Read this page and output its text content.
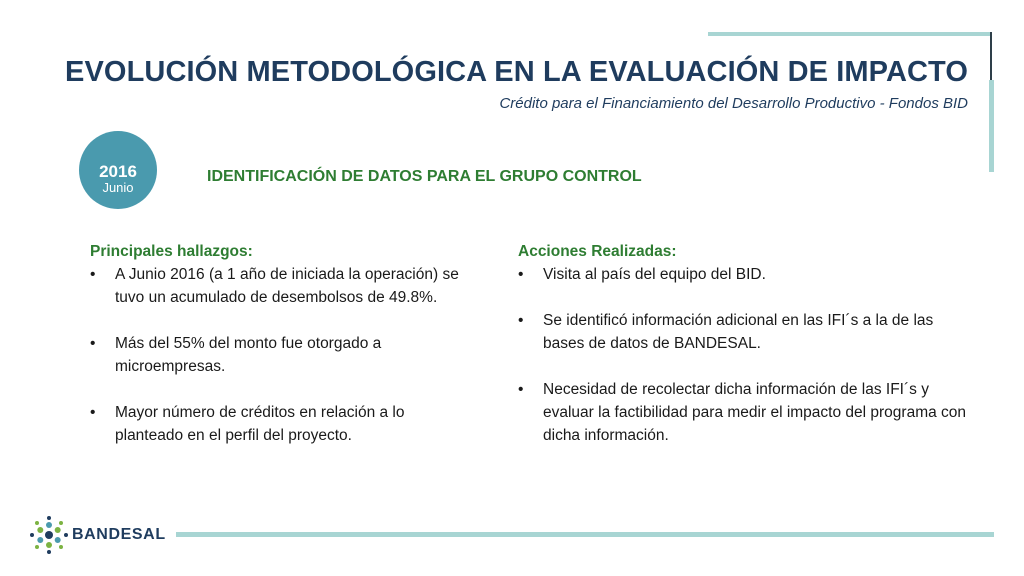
EVOLUCIÓN METODOLÓGICA EN LA EVALUACIÓN DE IMPACTO

Crédito para el Financiamiento del Desarrollo Productivo - Fondos BID

2016
Junio
IDENTIFICACIÓN DE DATOS PARA EL GRUPO CONTROL

Principales hallazgos:

• A Junio 2016 (a 1 año de iniciada la operación) se tuvo un acumulado de desembolsos de 49.8%.
• Más del 55% del monto fue otorgado a microempresas.
• Mayor número de créditos en relación a lo planteado en el perfil del proyecto.

Acciones Realizadas:

• Visita al país del equipo del BID.
• Se identificó información adicional en las IFI´s a la de las bases de datos de BANDESAL.
• Necesidad de recolectar dicha información de las IFI´s y evaluar la factibilidad para medir el impacto del programa con dicha información.
BANDESAL
